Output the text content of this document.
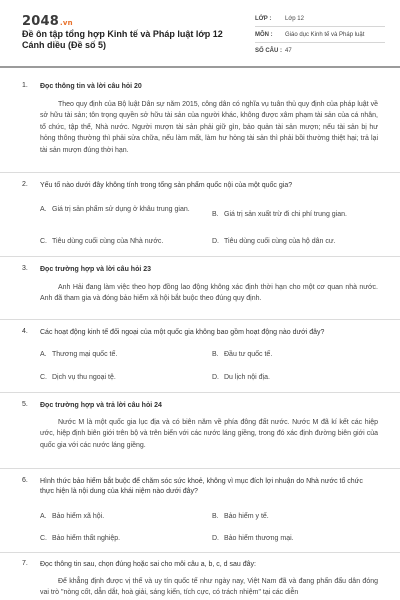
2048.vn
Đề ôn tập tổng hợp Kinh tế và Pháp luật lớp 12 Cánh diều (Đề số 5)
LỚP : Lớp 12
MÔN : Giáo dục Kinh tế và Pháp luật
SỐ CÂU : 47
1. Đọc thông tin và lời câu hỏi 20

Theo quy định của Bộ luật Dân sự năm 2015, công dân có nghĩa vụ tuân thủ quy định của pháp luật về sở hữu tài sản; tôn trọng quyền sở hữu tài sản của người khác, không được xâm phạm tài sản của cá nhân, tổ chức, tập thể, Nhà nước. Người mượn tài sản phải giữ gìn, bảo quản tài sản mượn; nếu tài sản bị hư hỏng thông thường thì phải sửa chữa, nếu làm mất, làm hư hỏng tài sản thì phải bồi thường thiệt hại; trả lại tài sản mượn đúng thời hạn.

2. Yếu tố nào dưới đây không tính trong tổng sản phẩm quốc nội của một quốc gia?
A. Giá trị sản phẩm sử dụng ở khâu trung gian.
B. Giá trị sản xuất trừ đi chi phí trung gian.
C. Tiêu dùng cuối cùng của Nhà nước.	D. Tiêu dùng cuối cùng của hộ dân cư.
3. Đọc trường hợp và lời câu hỏi 23

Anh Hải đang làm việc theo hợp đồng lao động không xác định thời hạn cho một cơ quan nhà nước. Anh đã tham gia và đóng bảo hiểm xã hội bắt buộc theo đúng quy định.

4. Các hoạt động kinh tế đối ngoại của một quốc gia không bao gồm hoạt động nào dưới đây?
A. Thương mại quốc tế.	B. Đầu tư quốc tế.
C. Dịch vụ thu ngoại tệ.	D. Du lịch nội địa.
5. Đọc trường hợp và trả lời câu hỏi 24

Nước M là một quốc gia lục địa và có biên năm về phía đông đất nước. Nước M đã kí kết các hiệp ước, hiệp định biên giới trên bộ và trên biển với các nước láng giềng, trong đó xác định đường biên giới của quốc gia với các nước láng giềng.

6. Hình thức bảo hiểm bắt buộc để chăm sóc sức khoẻ, không vì mục đích lợi nhuận do Nhà nước tổ chức thực hiện là nội dung của khái niệm nào dưới đây?
A. Bảo hiểm xã hội.	B. Bảo hiểm y tế.
C. Bảo hiểm thất nghiệp.	D. Bảo hiểm thương mại.
7. Đọc thông tin sau, chọn đúng hoặc sai cho mỗi câu a, b, c, d sau đây:

Để khẳng định được vị thế và uy tín quốc tế như ngày nay, Việt Nam đã và đang phấn đấu dân đóng vai trò "nòng cốt, dẫn dắt, hoà giải, sáng kiến, tích cực, có trách nhiệm" tại các diễn
